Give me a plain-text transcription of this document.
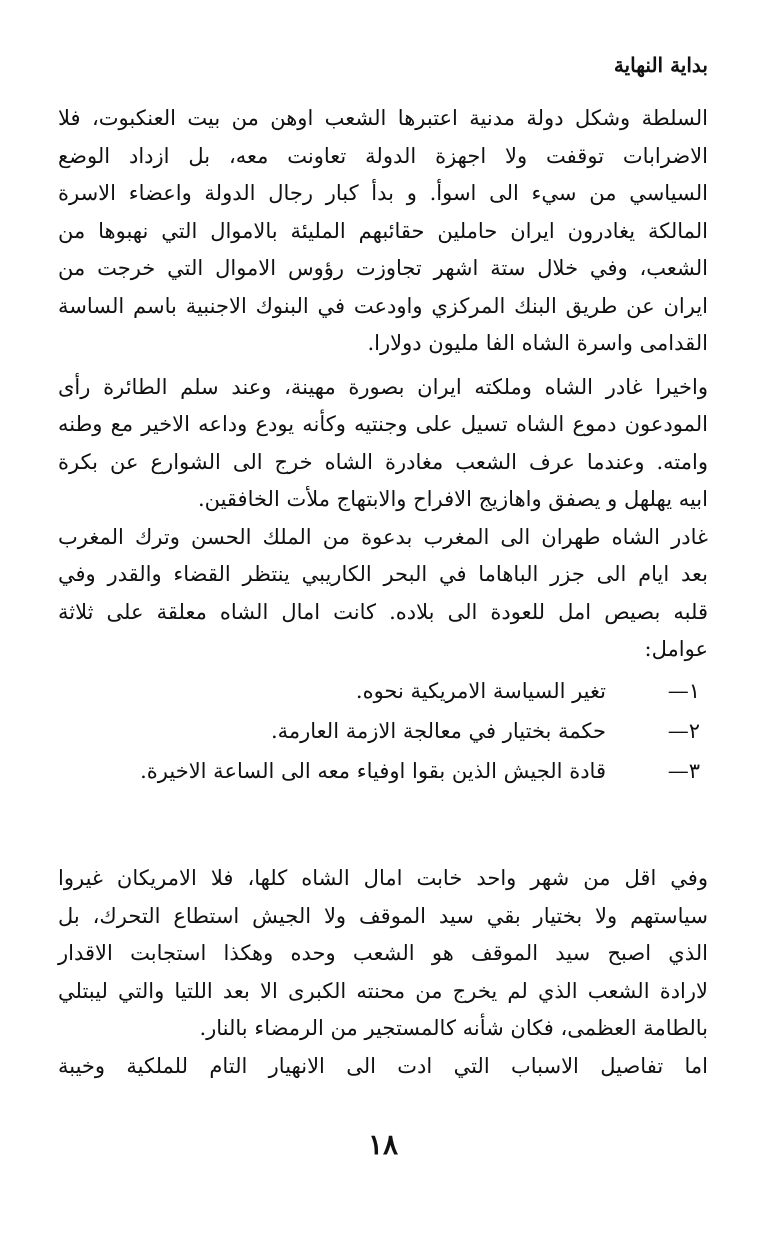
بداية النهاية
السلطة وشكل دولة مدنية اعتبرها الشعب اوهن من بيت العنكبوت، فلا
الاضرابات توقفت ولا اجهزة الدولة تعاونت معه، بل ازداد الوضع
السياسي من سيء الى اسوأ. و بدأ كبار رجال الدولة واعضاء الاسرة
المالكة يغادرون ايران حاملين حقائبهم المليئة بالاموال التي نهبوها من
الشعب، وفي خلال ستة اشهر تجاوزت رؤوس الاموال التي خرجت من
ايران عن طريق البنك المركزي واودعت في البنوك الاجنبية باسم الساسة
القدامى واسرة الشاه الفا مليون دولارا.
واخيرا غادر الشاه وملكته ايران بصورة مهينة، وعند سلم الطائرة رأى
المودعون دموع الشاه تسيل على وجنتيه وكأنه يودع وداعه الاخير مع وطنه
وامته. وعندما عرف الشعب مغادرة الشاه خرج الى الشوارع عن بكرة
ابيه يهلهل و يصفق واهازيج الافراح والابتهاج ملأت الخافقين.
غادر الشاه طهران الى المغرب بدعوة من الملك الحسن وترك المغرب
بعد ايام الى جزر الباهاما في البحر الكاريبي ينتظر القضاء والقدر وفي
قلبه بصيص امل للعودة الى بلاده. كانت امال الشاه معلقة على ثلاثة
عوامل:
١—
تغير السياسة الامريكية نحوه.
٢—
حكمة بختيار في معالجة الازمة العارمة.
٣—
قادة الجيش الذين بقوا اوفياء معه الى الساعة الاخيرة.
وفي اقل من شهر واحد خابت امال الشاه كلها، فلا الامريكان غيروا
سياستهم ولا بختيار بقي سيد الموقف ولا الجيش استطاع التحرك، بل
الذي اصبح سيد الموقف هو الشعب وحده وهكذا استجابت الاقدار
لارادة الشعب الذي لم يخرج من محنته الكبرى الا بعد اللتيا والتي ليبتلي
بالطامة العظمى، فكان شأنه كالمستجير من الرمضاء بالنار.
اما تفاصيل الاسباب التي ادت الى الانهيار التام للملكية وخيبة
١٨
